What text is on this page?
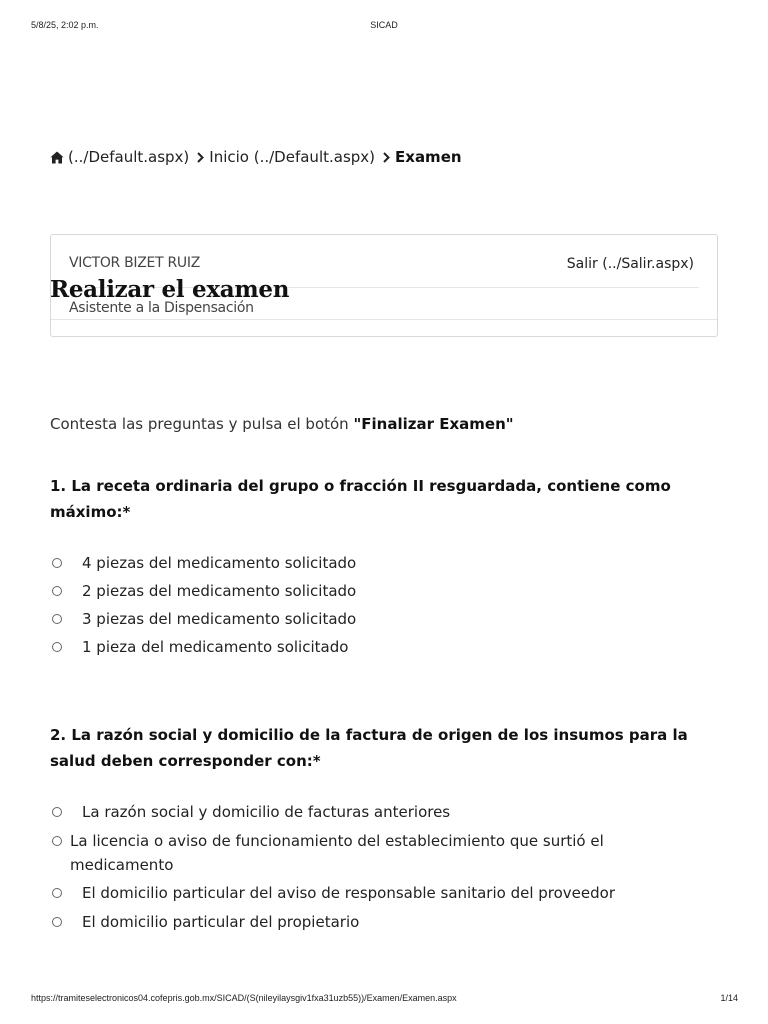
5/8/25, 2:02 p.m.	SICAD
(../Default.aspx) Inicio (../Default.aspx) Examen
VICTOR BIZET RUIZ	Salir (../Salir.aspx)
Asistente a la Dispensación
Realizar el examen

Contesta las preguntas y pulsa el botón "Finalizar Examen"

1. La receta ordinaria del grupo o fracción II resguardada, contiene como máximo:*

4 piezas del medicamento solicitado
2 piezas del medicamento solicitado
3 piezas del medicamento solicitado
1 pieza del medicamento solicitado

2. La razón social y domicilio de la factura de origen de los insumos para la salud deben corresponder con:*

La razón social y domicilio de facturas anteriores
La licencia o aviso de funcionamiento del establecimiento que surtió el medicamento
El domicilio particular del aviso de responsable sanitario del proveedor
El domicilio particular del propietario
https://tramiteselectronicos04.cofepris.gob.mx/SICAD/(S(nileyilaysgiv1fxa31uzb55))/Examen/Examen.aspx	1/14
